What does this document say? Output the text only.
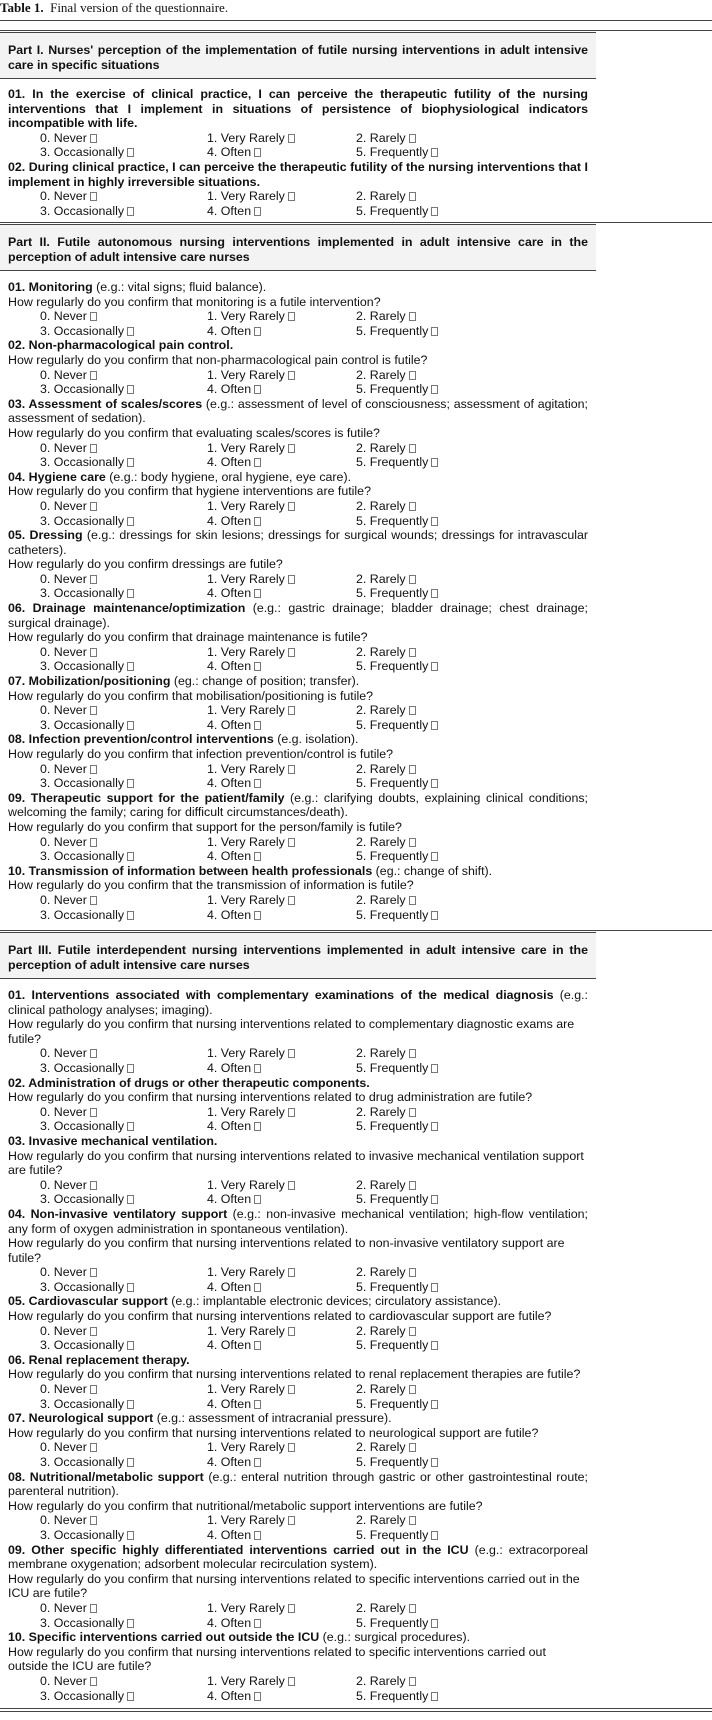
Table 1. Final version of the questionnaire.
Part I. Nurses' perception of the implementation of futile nursing interventions in adult intensive care in specific situations
01. In the exercise of clinical practice, I can perceive the therapeutic futility of the nursing interventions that I implement in situations of persistence of biophysiological indicators incompatible with life.
0. Never	1. Very Rarely	2. Rarely
3. Occasionally	4. Often	5. Frequently
02. During clinical practice, I can perceive the therapeutic futility of the nursing interventions that I implement in highly irreversible situations.
0. Never	1. Very Rarely	2. Rarely
3. Occasionally	4. Often	5. Frequently
Part II. Futile autonomous nursing interventions implemented in adult intensive care in the perception of adult intensive care nurses
01. Monitoring (e.g.: vital signs; fluid balance).
How regularly do you confirm that monitoring is a futile intervention?
0. Never	1. Very Rarely	2. Rarely
3. Occasionally	4. Often	5. Frequently
02. Non-pharmacological pain control.
How regularly do you confirm that non-pharmacological pain control is futile?
0. Never	1. Very Rarely	2. Rarely
3. Occasionally	4. Often	5. Frequently
03. Assessment of scales/scores (e.g.: assessment of level of consciousness; assessment of agitation; assessment of sedation).
How regularly do you confirm that evaluating scales/scores is futile?
0. Never	1. Very Rarely	2. Rarely
3. Occasionally	4. Often	5. Frequently
04. Hygiene care (e.g.: body hygiene, oral hygiene, eye care).
How regularly do you confirm that hygiene interventions are futile?
0. Never	1. Very Rarely	2. Rarely
3. Occasionally	4. Often	5. Frequently
05. Dressing (e.g.: dressings for skin lesions; dressings for surgical wounds; dressings for intravascular catheters).
How regularly do you confirm dressings are futile?
0. Never	1. Very Rarely	2. Rarely
3. Occasionally	4. Often	5. Frequently
06. Drainage maintenance/optimization (e.g.: gastric drainage; bladder drainage; chest drainage; surgical drainage).
How regularly do you confirm that drainage maintenance is futile?
0. Never	1. Very Rarely	2. Rarely
3. Occasionally	4. Often	5. Frequently
07. Mobilization/positioning (eg.: change of position; transfer).
How regularly do you confirm that mobilisation/positioning is futile?
0. Never	1. Very Rarely	2. Rarely
3. Occasionally	4. Often	5. Frequently
08. Infection prevention/control interventions (e.g. isolation).
How regularly do you confirm that infection prevention/control is futile?
0. Never	1. Very Rarely	2. Rarely
3. Occasionally	4. Often	5. Frequently
09. Therapeutic support for the patient/family (e.g.: clarifying doubts, explaining clinical conditions; welcoming the family; caring for difficult circumstances/death).
How regularly do you confirm that support for the person/family is futile?
0. Never	1. Very Rarely	2. Rarely
3. Occasionally	4. Often	5. Frequently
10. Transmission of information between health professionals (eg.: change of shift).
How regularly do you confirm that the transmission of information is futile?
0. Never	1. Very Rarely	2. Rarely
3. Occasionally	4. Often	5. Frequently
Part III. Futile interdependent nursing interventions implemented in adult intensive care in the perception of adult intensive care nurses
01. Interventions associated with complementary examinations of the medical diagnosis (e.g.: clinical pathology analyses; imaging).
How regularly do you confirm that nursing interventions related to complementary diagnostic exams are futile?
0. Never	1. Very Rarely	2. Rarely
3. Occasionally	4. Often	5. Frequently
02. Administration of drugs or other therapeutic components.
How regularly do you confirm that nursing interventions related to drug administration are futile?
0. Never	1. Very Rarely	2. Rarely
3. Occasionally	4. Often	5. Frequently
03. Invasive mechanical ventilation.
How regularly do you confirm that nursing interventions related to invasive mechanical ventilation support are futile?
0. Never	1. Very Rarely	2. Rarely
3. Occasionally	4. Often	5. Frequently
04. Non-invasive ventilatory support (e.g.: non-invasive mechanical ventilation; high-flow ventilation; any form of oxygen administration in spontaneous ventilation).
How regularly do you confirm that nursing interventions related to non-invasive ventilatory support are futile?
0. Never	1. Very Rarely	2. Rarely
3. Occasionally	4. Often	5. Frequently
05. Cardiovascular support (e.g.: implantable electronic devices; circulatory assistance).
How regularly do you confirm that nursing interventions related to cardiovascular support are futile?
0. Never	1. Very Rarely	2. Rarely
3. Occasionally	4. Often	5. Frequently
06. Renal replacement therapy.
How regularly do you confirm that nursing interventions related to renal replacement therapies are futile?
0. Never	1. Very Rarely	2. Rarely
3. Occasionally	4. Often	5. Frequently
07. Neurological support (e.g.: assessment of intracranial pressure).
How regularly do you confirm that nursing interventions related to neurological support are futile?
0. Never	1. Very Rarely	2. Rarely
3. Occasionally	4. Often	5. Frequently
08. Nutritional/metabolic support (e.g.: enteral nutrition through gastric or other gastrointestinal route; parenteral nutrition).
How regularly do you confirm that nutritional/metabolic support interventions are futile?
0. Never	1. Very Rarely	2. Rarely
3. Occasionally	4. Often	5. Frequently
09. Other specific highly differentiated interventions carried out in the ICU (e.g.: extracorporeal membrane oxygenation; adsorbent molecular recirculation system).
How regularly do you confirm that nursing interventions related to specific interventions carried out in the ICU are futile?
0. Never	1. Very Rarely	2. Rarely
3. Occasionally	4. Often	5. Frequently
10. Specific interventions carried out outside the ICU (e.g.: surgical procedures).
How regularly do you confirm that nursing interventions related to specific interventions carried out outside the ICU are futile?
0. Never	1. Very Rarely	2. Rarely
3. Occasionally	4. Often	5. Frequently
